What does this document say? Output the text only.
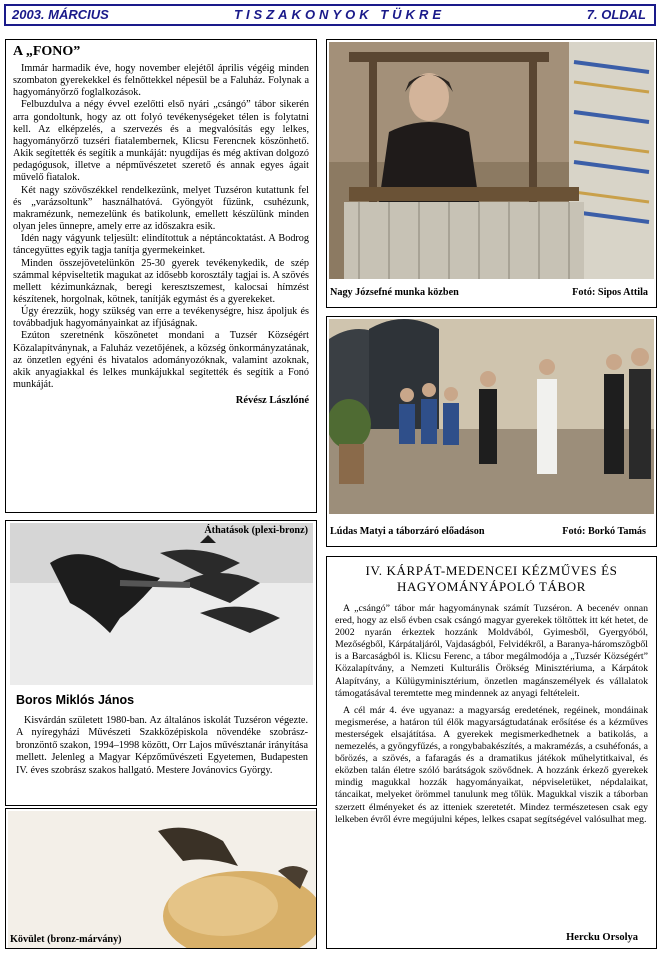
2003. MÁRCIUS	TISZAKONYOK TÜKRE	7. OLDAL
A „FONO”

Immár harmadik éve, hogy november elejétől április végéig minden szombaton gyerekekkel és felnőttekkel népesül be a Faluház. Folynak a hagyományőrző foglalkozások.

Felbuzdulva a négy évvel ezelőtti első nyári „csángó” tábor sikerén arra gondoltunk, hogy az ott folyó tevékenységeket télen is folytatni kell. Az elképzelés, a szervezés és a megvalósítás egy lelkes, hagyományőrző tuzséri fiatalembernek, Klicsu Ferencnek köszönhető. Akik segítették és segítik a munkáját: nyugdíjas és még aktívan dolgozó pedagógusok, illetve a népművészetet szerető és annak egyes ágait művelő fiatalok.

Két nagy szövőszékkel rendelkezünk, melyet Tuzséron kutattunk fel és „varázsoltunk” használhatóvá. Gyöngyöt fűzünk, csuhézunk, makramézunk, nemezelünk és batikolunk, emellett készülünk minden olyan jeles ünnepre, amely erre az időszakra esik.

Idén nagy vágyunk teljesült: elindítottuk a néptáncoktatást. A Bodrog táncegyüttes egyik tagja tanítja gyermekeinket.

Minden összejövetelünkön 25-30 gyerek tevékenykedik, de szép számmal képviseltetik magukat az idősebb korosztály tagjai is. A szövés mellett kézimunkáznak, beregi keresztszemest, kalocsai hímzést készítenek, horgolnak, kötnek, tanítják egymást és a gyerekeket.

Úgy érezzük, hogy szükség van erre a tevékenységre, hisz ápoljuk és továbbadjuk hagyományainkat az ifjúságnak.

Ezúton szeretnénk köszönetet mondani a Tuzsér Községért Közalapítványnak, a Faluház vezetőjének, a község önkormányzatának, az önzetlen egyéni és hivatalos adományozóknak, valamint azoknak, akik anyagiakkal és lelkes munkájukkal segítették és segítik a Fonó munkáját.

Révész Lászlóné

Nagy Józsefné munka közben	Fotó: Sipos Attila
Lúdas Matyi a táborzáró előadáson	Fotó: Borkó Tamás
Áthatások (plexi-bronz)
Boros Miklós János

Kisvárdán született 1980-ban. Az általános iskolát Tuzséron végezte. A nyíregyházi Művészeti Szakközépiskola növendéke szobrász-bronzöntő szakon, 1994–1998 között, Orr Lajos művésztanár irányítása mellett. Jelenleg a Magyar Képzőművészeti Egyetemen, Budapesten IV. éves szobrász szakos hallgató. Mestere Jovánovics György.

Kövület (bronz-márvány)
IV. KÁRPÁT-MEDENCEI KÉZMŰVES ÉS HAGYOMÁNYÁPOLÓ TÁBOR

A „csángó” tábor már hagyománynak számít Tuzséron. A becenév onnan ered, hogy az első évben csak csángó magyar gyerekek töltöttek itt két hetet, de 2002 nyarán érkeztek hozzánk Moldvából, Gyimesből, Gyergyóból, Mezőségből, Kárpátaljáról, Vajdaságból, Felvidékről, a Baranya-háromszögből is a Barcaságból is. Klicsu Ferenc, a tábor megálmodója a „Tuzsér Községért” Közalapítvány, a Nemzeti Kulturális Örökség Minisztériuma, a Kárpátok Alapítvány, a Külügyminisztérium, önzetlen magánszemélyek és vállalatok támogatásával teremtette meg mindennek az anyagi feltételeit.

A cél már 4. éve ugyanaz: a magyarság eredetének, regéinek, mondáinak megismerése, a határon túl élők magyarságtudatának erősítése és a kézműves mesterségek elsajátítása. A gyerekek megismerkedhetnek a batikolás, a nemezelés, a gyöngyfűzés, a rongybabakészítés, a makramézás, a csuhéfonás, a bőrözés, a szövés, a fafaragás és a dramatikus játékok műhelytitkaival, és eközben talán életre szóló barátságok szövődnek. A hozzánk érkező gyerekek mindig magukkal hozzák hagyományaikat, népviseletüket, népdalaikat, táncaikat, melyeket örömmel tanulunk meg tőlük. Magukkal viszik a táborban szerzett élményeket és az itteniek szeretetét. Mindez természetesen csak egy lelkeben évről évre megújulni képes, lelkes csapat segítségével valósulhat meg.

Hercku Orsolya
